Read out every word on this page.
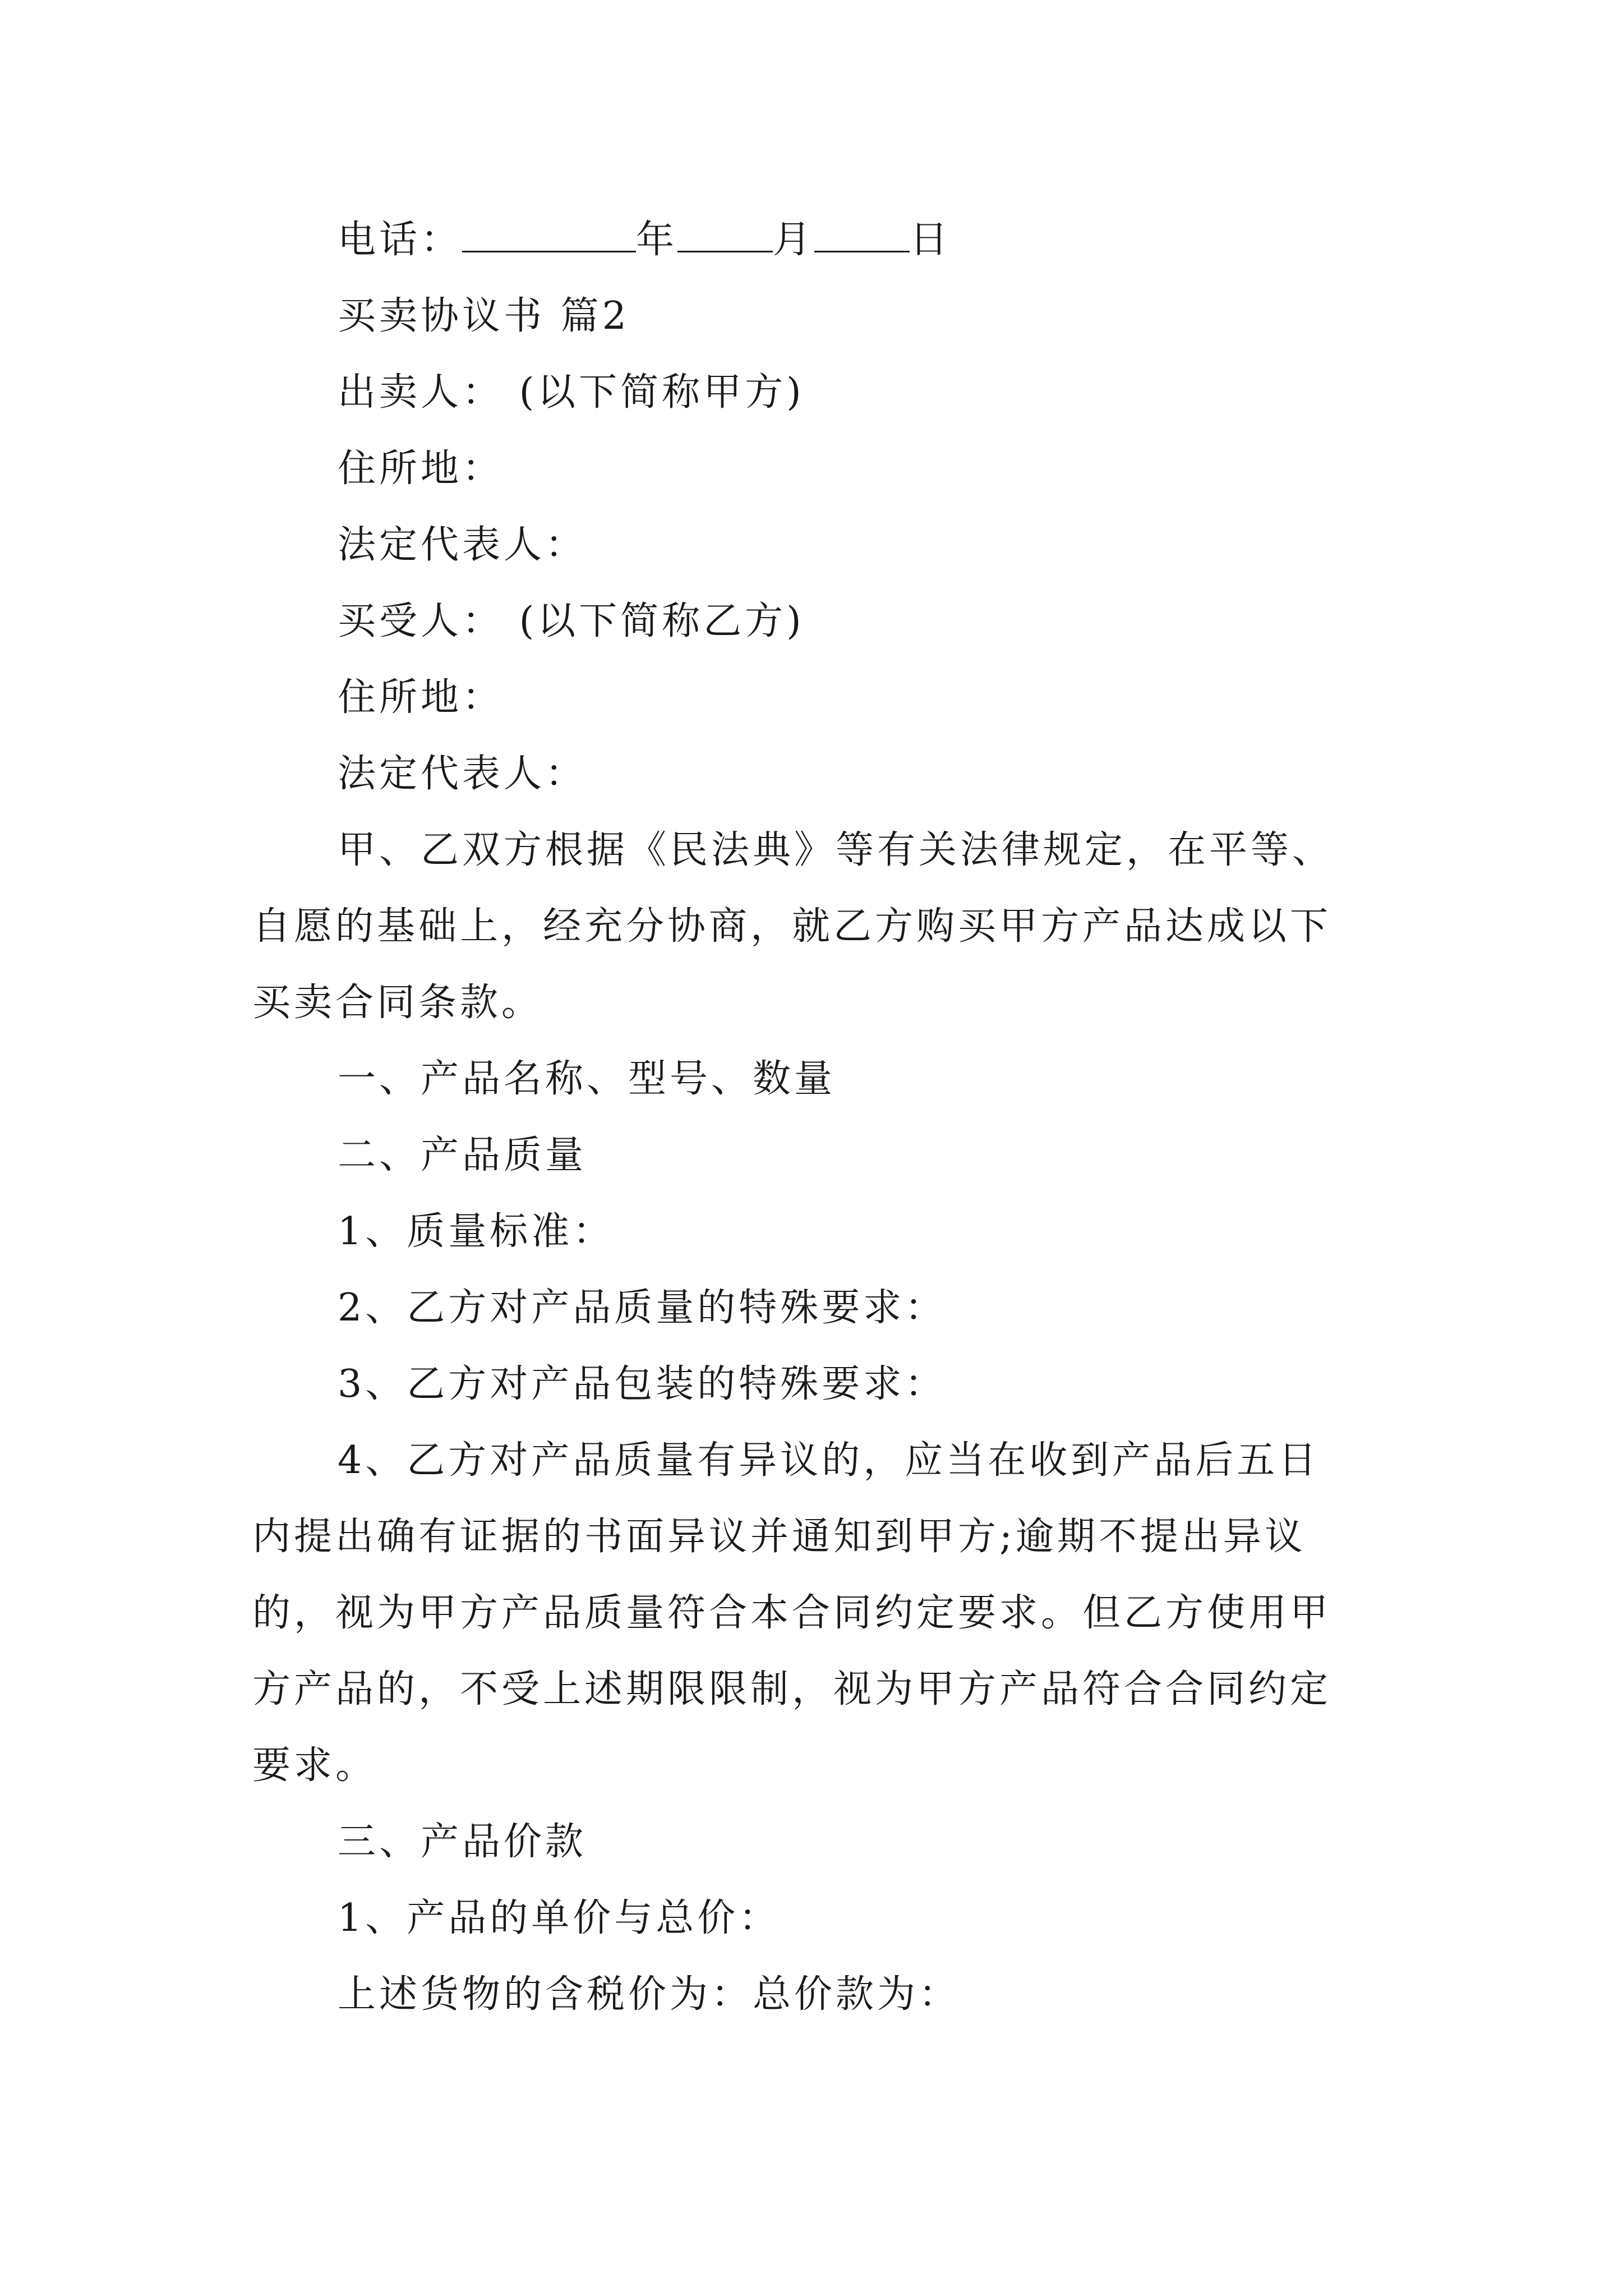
电话：	年	月	日
买卖协议书 篇2
出卖人： (以下简称甲方)
住所地：
法定代表人：
买受人： (以下简称乙方)
住所地：
法定代表人：
甲、乙双方根据《民法典》等有关法律规定，在平等、
自愿的基础上，经充分协商，就乙方购买甲方产品达成以下
买卖合同条款。
一、产品名称、型号、数量
二、产品质量
1、质量标准：
2、乙方对产品质量的特殊要求：
3、乙方对产品包装的特殊要求：
4、乙方对产品质量有异议的，应当在收到产品后五日
内提出确有证据的书面异议并通知到甲方;逾期不提出异议
的，视为甲方产品质量符合本合同约定要求。但乙方使用甲
方产品的，不受上述期限限制，视为甲方产品符合合同约定
要求。
三、产品价款
1、产品的单价与总价：
上述货物的含税价为：总价款为：
